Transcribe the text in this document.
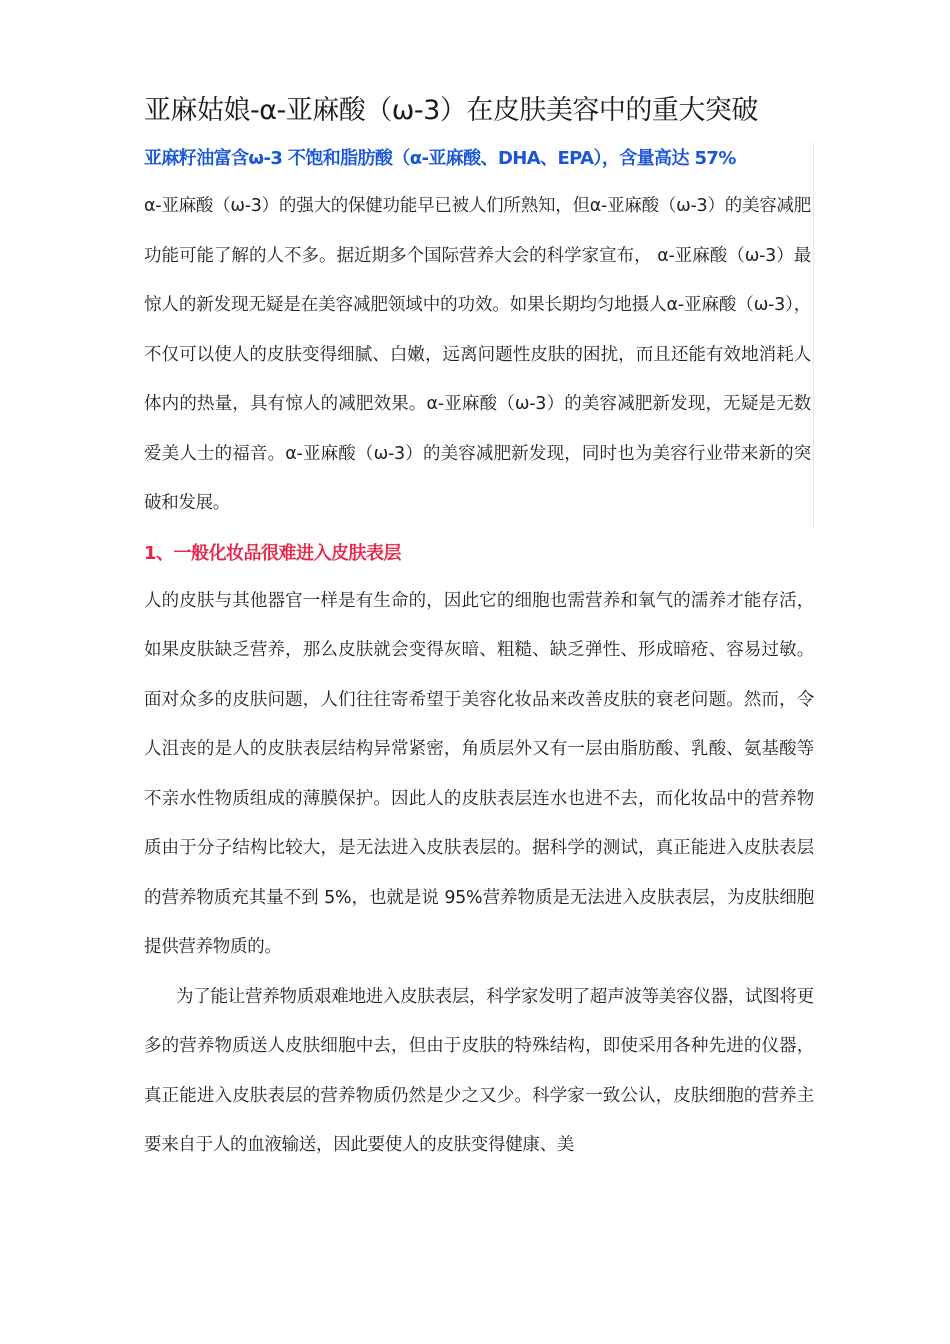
亚麻姑娘-α-亚麻酸（ω-3）在皮肤美容中的重大突破

亚麻籽油富含ω-3 不饱和脂肪酸（α-亚麻酸、DHA、EPA），含量高达 57%

α-亚麻酸（ω-3）的强大的保健功能早已被人们所熟知，但α-亚麻酸（ω-3）的美容减肥功能可能了解的人不多。据近期多个国际营养大会的科学家宣布， α-亚麻酸（ω-3）最惊人的新发现无疑是在美容减肥领域中的功效。如果长期均匀地摄人α-亚麻酸（ω-3），不仅可以使人的皮肤变得细腻、白嫩，远离问题性皮肤的困扰，而且还能有效地消耗人体内的热量，具有惊人的减肥效果。α-亚麻酸（ω-3）的美容减肥新发现，无疑是无数爱美人士的福音。α-亚麻酸（ω-3）的美容减肥新发现，同时也为美容行业带来新的突破和发展。

1、一般化妆品很难进入皮肤表层

人的皮肤与其他器官一样是有生命的，因此它的细胞也需营养和氧气的濡养才能存活，如果皮肤缺乏营养，那么皮肤就会变得灰暗、粗糙、缺乏弹性、形成暗疮、容易过敏。面对众多的皮肤问题，人们往往寄希望于美容化妆品来改善皮肤的衰老问题。然而，令人沮丧的是人的皮肤表层结构异常紧密，角质层外又有一层由脂肪酸、乳酸、氨基酸等不亲水性物质组成的薄膜保护。因此人的皮肤表层连水也进不去，而化妆品中的营养物质由于分子结构比较大，是无法进入皮肤表层的。据科学的测试，真正能进入皮肤表层的营养物质充其量不到 5%，也就是说 95%营养物质是无法进入皮肤表层，为皮肤细胞提供营养物质的。

为了能让营养物质艰难地进入皮肤表层，科学家发明了超声波等美容仪器，试图将更多的营养物质送人皮肤细胞中去，但由于皮肤的特殊结构，即使采用各种先进的仪器，真正能进入皮肤表层的营养物质仍然是少之又少。科学家一致公认，皮肤细胞的营养主要来自于人的血液输送，因此要使人的皮肤变得健康、美
